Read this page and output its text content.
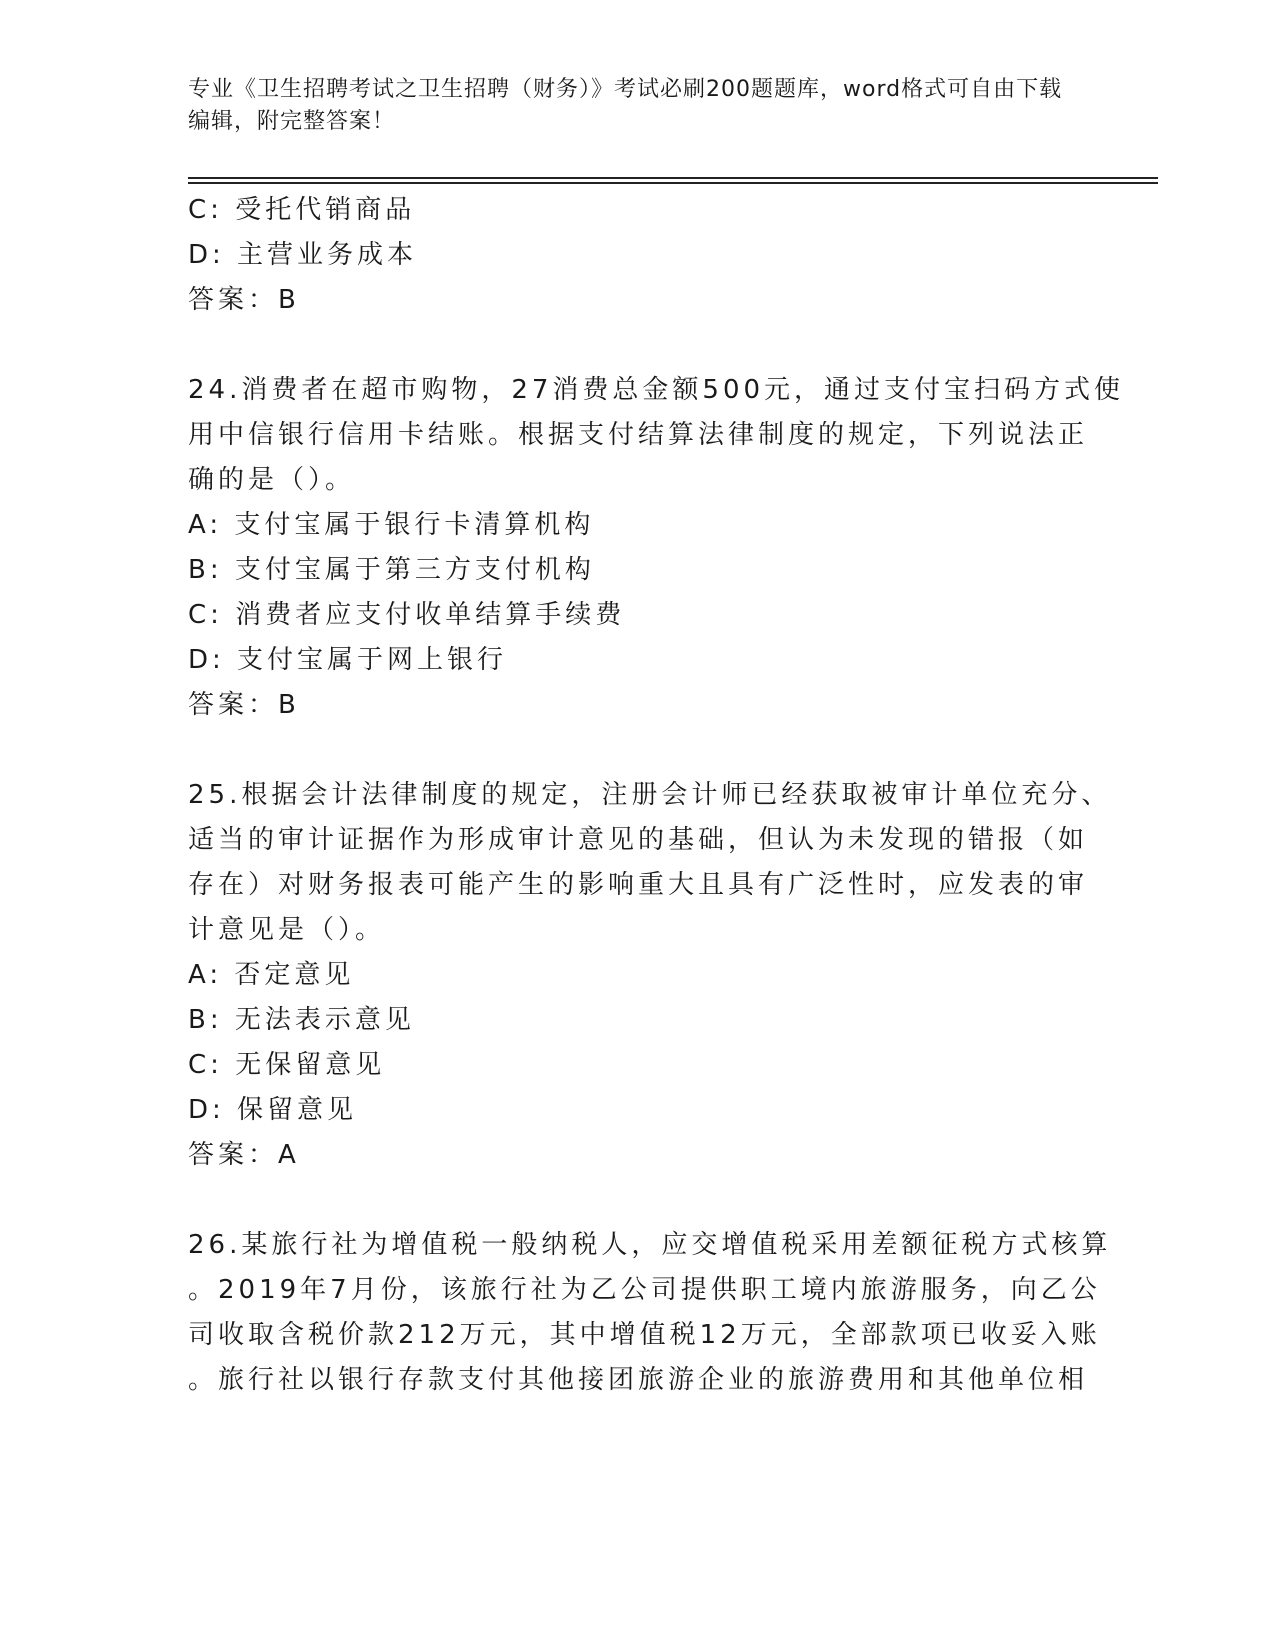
专业《卫生招聘考试之卫生招聘（财务）》考试必刷200题题库，word格式可自由下载编辑，附完整答案！

C: 受托代销商品

D: 主营业务成本

答案：B

24.消费者在超市购物，27消费总金额500元，通过支付宝扫码方式使

用中信银行信用卡结账。根据支付结算法律制度的规定，下列说法正

确的是（）。

A: 支付宝属于银行卡清算机构

B: 支付宝属于第三方支付机构

C: 消费者应支付收单结算手续费

D: 支付宝属于网上银行

答案：B

25.根据会计法律制度的规定，注册会计师已经获取被审计单位充分、

适当的审计证据作为形成审计意见的基础，但认为未发现的错报（如

存在）对财务报表可能产生的影响重大且具有广泛性时，应发表的审

计意见是（）。

A: 否定意见

B: 无法表示意见

C: 无保留意见

D: 保留意见

答案：A

26.某旅行社为增值税一般纳税人，应交增值税采用差额征税方式核算

。2019年7月份，该旅行社为乙公司提供职工境内旅游服务，向乙公

司收取含税价款212万元，其中增值税12万元，全部款项已收妥入账

。旅行社以银行存款支付其他接团旅游企业的旅游费用和其他单位相
